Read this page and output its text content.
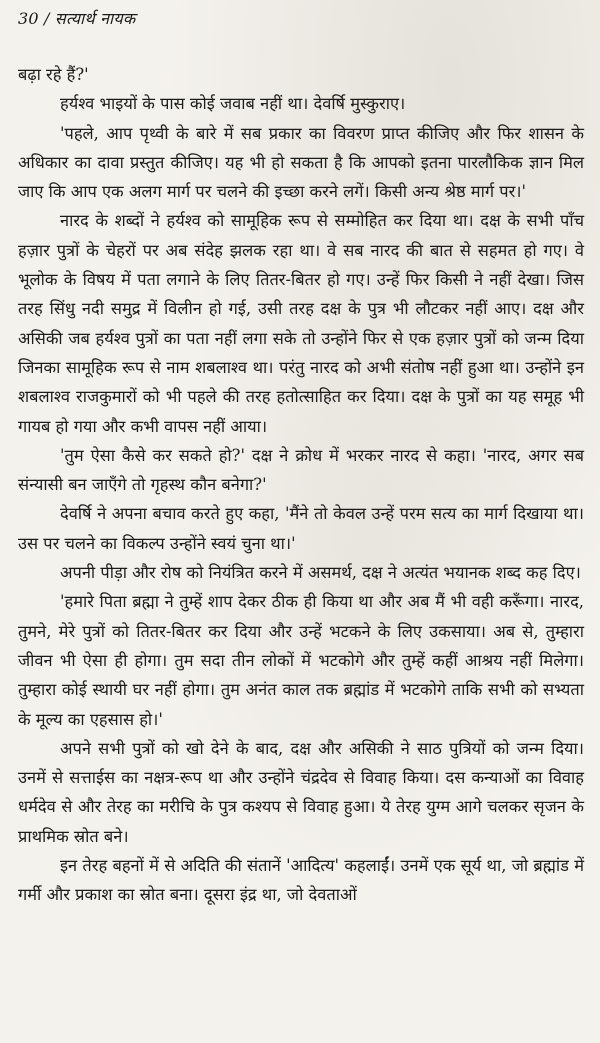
30 / सत्यार्थ नायक

बढ़ा रहे हैं?'

हर्यश्व भाइयों के पास कोई जवाब नहीं था। देवर्षि मुस्कुराए।

'पहले, आप पृथ्वी के बारे में सब प्रकार का विवरण प्राप्त कीजिए और फिर शासन के अधिकार का दावा प्रस्तुत कीजिए। यह भी हो सकता है कि आपको इतना पारलौकिक ज्ञान मिल जाए कि आप एक अलग मार्ग पर चलने की इच्छा करने लगें। किसी अन्य श्रेष्ठ मार्ग पर।'

नारद के शब्दों ने हर्यश्व को सामूहिक रूप से सम्मोहित कर दिया था। दक्ष के सभी पाँच हज़ार पुत्रों के चेहरों पर अब संदेह झलक रहा था। वे सब नारद की बात से सहमत हो गए। वे भूलोक के विषय में पता लगाने के लिए तितर-बितर हो गए। उन्हें फिर किसी ने नहीं देखा। जिस तरह सिंधु नदी समुद्र में विलीन हो गई, उसी तरह दक्ष के पुत्र भी लौटकर नहीं आए। दक्ष और असिकी जब हर्यश्व पुत्रों का पता नहीं लगा सके तो उन्होंने फिर से एक हज़ार पुत्रों को जन्म दिया जिनका सामूहिक रूप से नाम शबलाश्व था। परंतु नारद को अभी संतोष नहीं हुआ था। उन्होंने इन शबलाश्व राजकुमारों को भी पहले की तरह हतोत्साहित कर दिया। दक्ष के पुत्रों का यह समूह भी गायब हो गया और कभी वापस नहीं आया।

'तुम ऐसा कैसे कर सकते हो?' दक्ष ने क्रोध में भरकर नारद से कहा। 'नारद, अगर सब संन्यासी बन जाएँगे तो गृहस्थ कौन बनेगा?'

देवर्षि ने अपना बचाव करते हुए कहा, 'मैंने तो केवल उन्हें परम सत्य का मार्ग दिखाया था। उस पर चलने का विकल्प उन्होंने स्वयं चुना था।'

अपनी पीड़ा और रोष को नियंत्रित करने में असमर्थ, दक्ष ने अत्यंत भयानक शब्द कह दिए।

'हमारे पिता ब्रह्मा ने तुम्हें शाप देकर ठीक ही किया था और अब मैं भी वही करूँगा। नारद, तुमने, मेरे पुत्रों को तितर-बितर कर दिया और उन्हें भटकने के लिए उकसाया। अब से, तुम्हारा जीवन भी ऐसा ही होगा। तुम सदा तीन लोकों में भटकोगे और तुम्हें कहीं आश्रय नहीं मिलेगा। तुम्हारा कोई स्थायी घर नहीं होगा। तुम अनंत काल तक ब्रह्मांड में भटकोगे ताकि सभी को सभ्यता के मूल्य का एहसास हो।'

अपने सभी पुत्रों को खो देने के बाद, दक्ष और असिकी ने साठ पुत्रियों को जन्म दिया। उनमें से सत्ताईस का नक्षत्र-रूप था और उन्होंने चंद्रदेव से विवाह किया। दस कन्याओं का विवाह धर्मदेव से और तेरह का मरीचि के पुत्र कश्यप से विवाह हुआ। ये तेरह युग्म आगे चलकर सृजन के प्राथमिक स्रोत बने।

इन तेरह बहनों में से अदिति की संतानें 'आदित्य' कहलाईं। उनमें एक सूर्य था, जो ब्रह्मांड में गर्मी और प्रकाश का स्रोत बना। दूसरा इंद्र था, जो देवताओं
